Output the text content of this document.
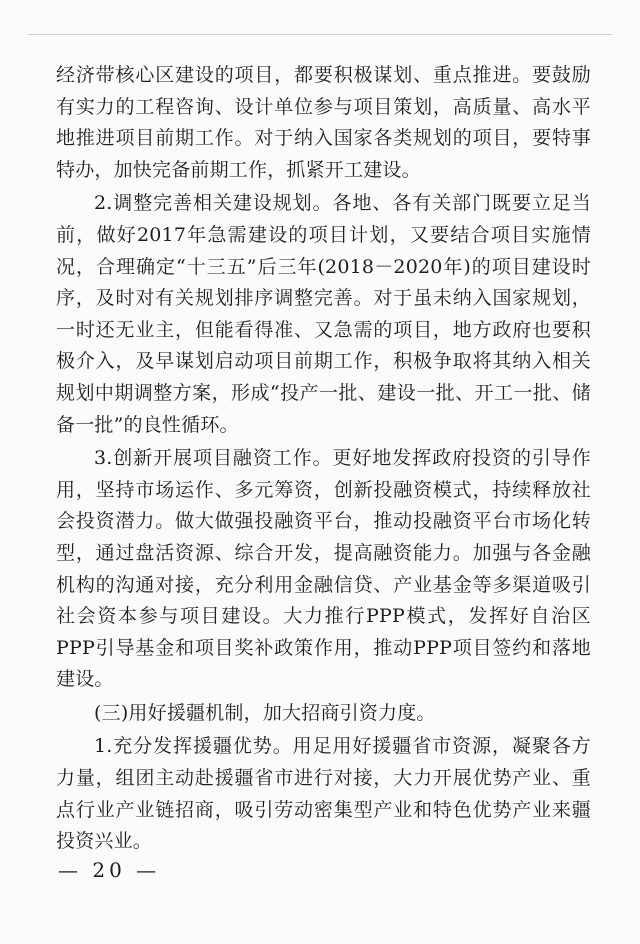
经济带核心区建设的项目，都要积极谋划、重点推进。要鼓励有实力的工程咨询、设计单位参与项目策划，高质量、高水平地推进项目前期工作。对于纳入国家各类规划的项目，要特事特办，加快完备前期工作，抓紧开工建设。

2.调整完善相关建设规划。各地、各有关部门既要立足当前，做好2017年急需建设的项目计划，又要结合项目实施情况，合理确定“十三五”后三年(2018－2020年)的项目建设时序，及时对有关规划排序调整完善。对于虽未纳入国家规划，一时还无业主，但能看得准、又急需的项目，地方政府也要积极介入，及早谋划启动项目前期工作，积极争取将其纳入相关规划中期调整方案，形成“投产一批、建设一批、开工一批、储备一批”的良性循环。

3.创新开展项目融资工作。更好地发挥政府投资的引导作用，坚持市场运作、多元筹资，创新投融资模式，持续释放社会投资潜力。做大做强投融资平台，推动投融资平台市场化转型，通过盘活资源、综合开发，提高融资能力。加强与各金融机构的沟通对接，充分利用金融信贷、产业基金等多渠道吸引社会资本参与项目建设。大力推行PPP模式，发挥好自治区PPP引导基金和项目奖补政策作用，推动PPP项目签约和落地建设。

(三)用好援疆机制，加大招商引资力度。

1.充分发挥援疆优势。用足用好援疆省市资源，凝聚各方力量，组团主动赴援疆省市进行对接，大力开展优势产业、重点行业产业链招商，吸引劳动密集型产业和特色优势产业来疆投资兴业。

— 20 —
